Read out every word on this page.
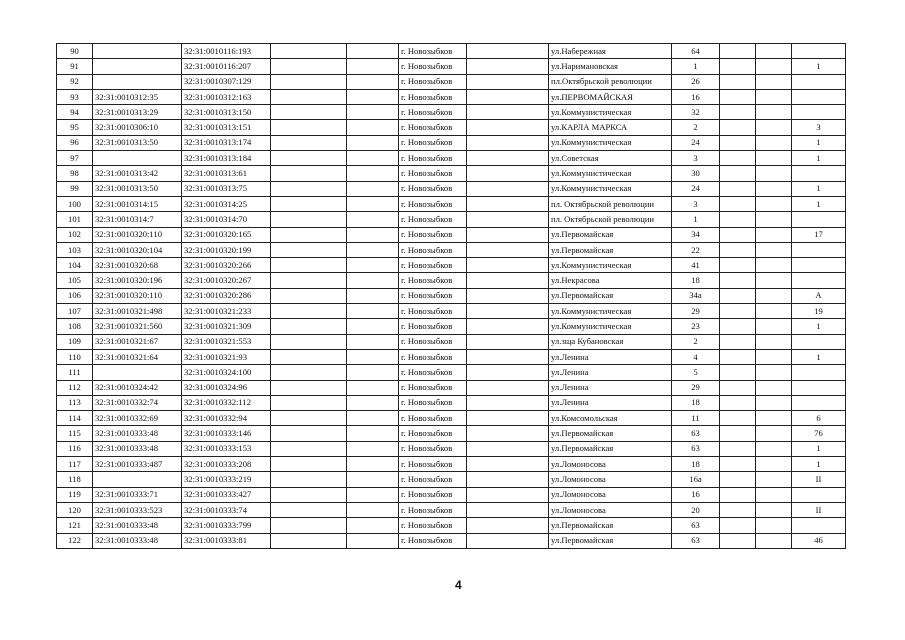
90		32:31:0010116:193			г. Новозыбков		ул.Набережная	64			
91		32:31:0010116:207			г. Новозыбков		ул.Наримановская	1			1
92		32:31:0010307:129			г. Новозыбков		пл.Октябрьской революции	26			
93	32:31:0010312:35	32:31:0010312:163			г. Новозыбков		ул.ПЕРВОМАЙСКАЯ	16			
94	32:31:0010313:29	32:31:0010313:150			г. Новозыбков		ул.Коммунистическая	32			
95	32:31:0010306:10	32:31:0010313:151			г. Новозыбков		ул.КАРЛА МАРКСА	2			3
96	32:31:0010313:50	32:31:0010313:174			г. Новозыбков		ул.Коммунистическая	24			1
97		32:31:0010313:184			г. Новозыбков		ул.Советская	3			1
98	32:31:0010313:42	32:31:0010313:61			г. Новозыбков		ул.Коммунистическая	30			
99	32:31:0010313:50	32:31:0010313:75			г. Новозыбков		ул.Коммунистическая	24			1
100	32:31:0010314:15	32:31:0010314:25			г. Новозыбков		пл. Октябрьской революции	3			1
101	32:31:0010314:7	32:31:0010314:70			г. Новозыбков		пл. Октябрьской революции	1			
102	32:31:0010320:110	32:31:0010320:165			г. Новозыбков		ул.Первомайская	34			17
103	32:31:0010320:104	32:31:0010320:199			г. Новозыбков		ул.Первомайская	22			
104	32:31:0010320:68	32:31:0010320:266			г. Новозыбков		ул.Коммунистическая	41			
105	32:31:0010320:196	32:31:0010320:267			г. Новозыбков		ул.Некрасова	18			
106	32:31:0010320:110	32:31:0010320:286			г. Новозыбков		ул.Первомайская	34а			А
107	32:31:0010321:498	32:31:0010321:233			г. Новозыбков		ул.Коммунистическая	29			19
108	32:31:0010321:560	32:31:0010321:309			г. Новозыбков		ул.Коммунистическая	23			1
109	32:31:0010321:67	32:31:0010321:553			г. Новозыбков		ул.зща Кубановская	2			
110	32:31:0010321:64	32:31:0010321:93			г. Новозыбков		ул.Ленина	4			1
111		32:31:0010324:100			г. Новозыбков		ул.Ленина	5			
112	32:31:0010324:42	32:31:0010324:96			г. Новозыбков		ул.Ленина	29			
113	32:31:0010332:74	32:31:0010332:112			г. Новозыбков		ул.Ленина	18			
114	32:31:0010332:69	32:31:0010332:94			г. Новозыбков		ул.Комсомольская	11			6
115	32:31:0010333:48	32:31:0010333:146			г. Новозыбков		ул.Первомайская	63			76
116	32:31:0010333:48	32:31:0010333:153			г. Новозыбков		ул.Первомайская	63			1
117	32:31:0010333:487	32:31:0010333:208			г. Новозыбков		ул.Ломоносова	18			1
118		32:31:0010333:219			г. Новозыбков		ул.Ломоносова	16а			II
119	32:31:0010333:71	32:31:0010333:427			г. Новозыбков		ул.Ломоносова	16			
120	32:31:0010333:523	32:31:0010333:74			г. Новозыбков		ул.Ломоносова	20			II
121	32:31:0010333:48	32:31:0010333:799			г. Новозыбков		ул.Первомайская	63			
122	32:31:0010333:48	32:31:0010333:81			г. Новозыбков		ул.Первомайская	63			46
4
